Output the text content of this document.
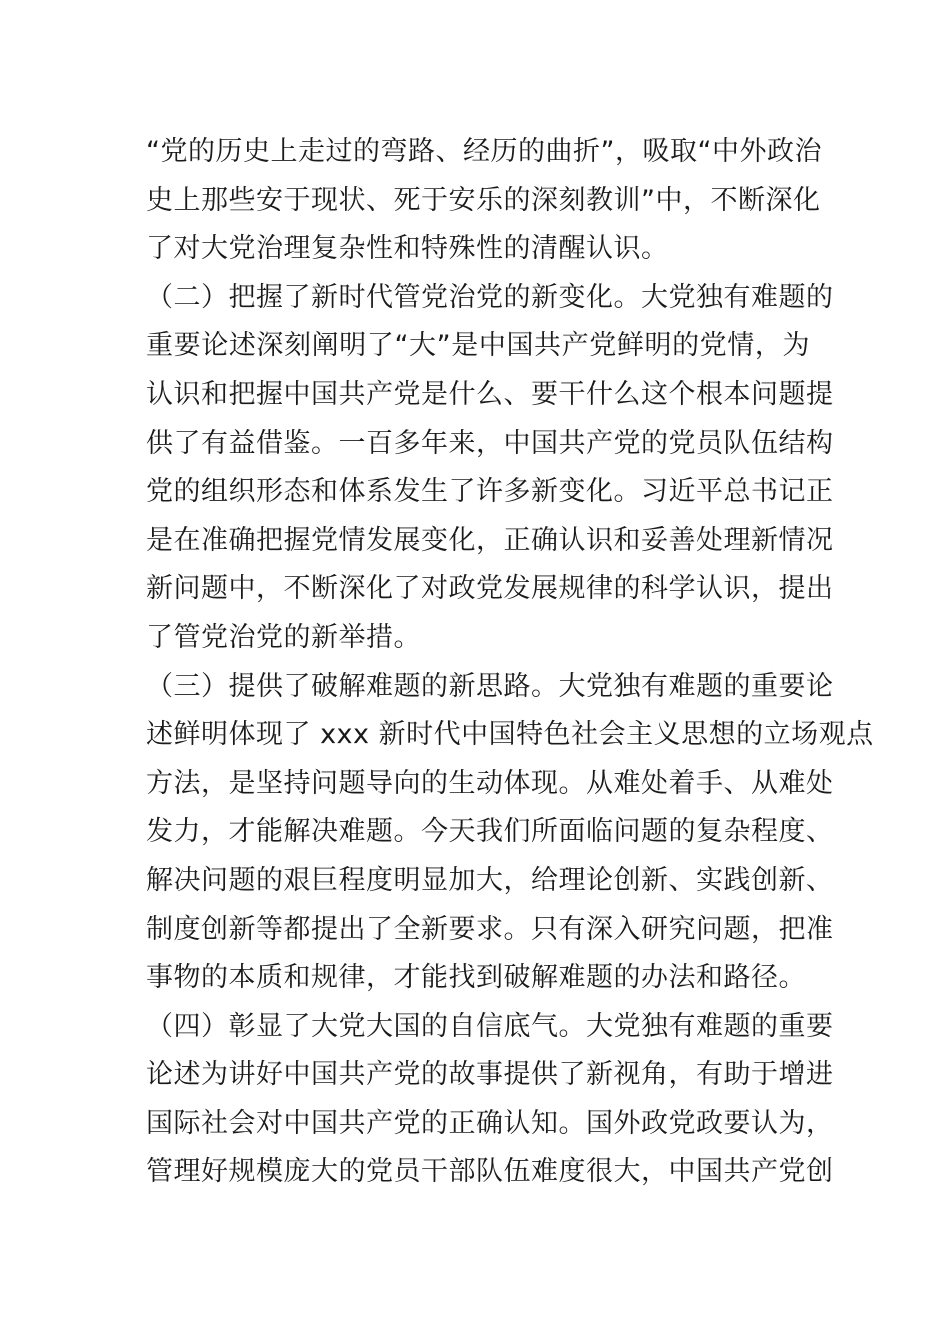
“党的历史上走过的弯路、经历的曲折”，吸取“中外政治
史上那些安于现状、死于安乐的深刻教训”中，不断深化
了对大党治理复杂性和特殊性的清醒认识。
（二）把握了新时代管党治党的新变化。大党独有难题的
重要论述深刻阐明了“大”是中国共产党鲜明的党情，为
认识和把握中国共产党是什么、要干什么这个根本问题提
供了有益借鉴。一百多年来，中国共产党的党员队伍结构
党的组织形态和体系发生了许多新变化。习近平总书记正
是在准确把握党情发展变化，正确认识和妥善处理新情况
新问题中，不断深化了对政党发展规律的科学认识，提出
了管党治党的新举措。
（三）提供了破解难题的新思路。大党独有难题的重要论
述鲜明体现了 xxx 新时代中国特色社会主义思想的立场观点
方法，是坚持问题导向的生动体现。从难处着手、从难处
发力，才能解决难题。今天我们所面临问题的复杂程度、
解决问题的艰巨程度明显加大，给理论创新、实践创新、
制度创新等都提出了全新要求。只有深入研究问题，把准
事物的本质和规律，才能找到破解难题的办法和路径。
（四）彰显了大党大国的自信底气。大党独有难题的重要
论述为讲好中国共产党的故事提供了新视角，有助于增进
国际社会对中国共产党的正确认知。国外政党政要认为，
管理好规模庞大的党员干部队伍难度很大，中国共产党创
